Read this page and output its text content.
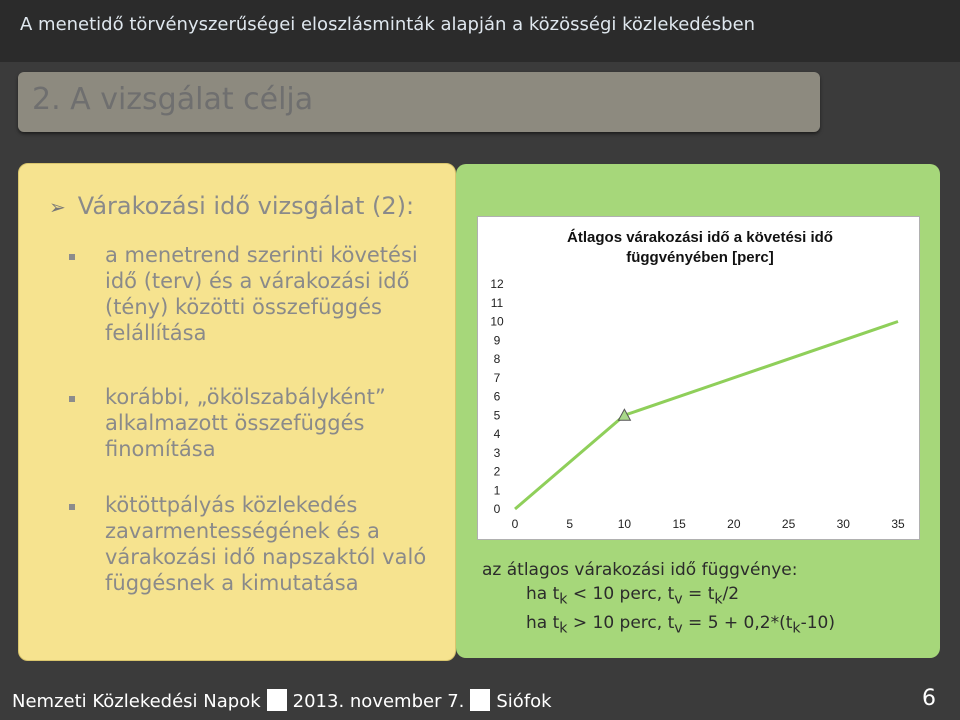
A menetidő törvényszerűségei eloszlásminták alapján a közösségi közlekedésben
2. A vizsgálat célja
➢ Várakozási idő vizsgálat (2):
a menetrend szerinti követési
idő (terv) és a várakozási idő
(tény) közötti összefüggés
felállítása
korábbi, „ökölszabályként”
alkalmazott összefüggés
finomítása
kötöttpályás közlekedés
zavarmentességének és a
várakozási idő napszaktól való
függésnek a kimutatása
Átlagos várakozási idő a követési idő
függvényében [perc]
0
1
2
3
4
5
6
7
8
9
10
11
12
0	5	10	15	20	25	30	35
az átlagos várakozási idő függvénye:
ha $t_k < 10$ perc, $t_v = t_k/2$
ha $t_k > 10$ perc, $t_v = 5 + 0,2*(t_k-10)$
Nemzeti Közlekedési Napok 2013. november 7. Siófok	6
